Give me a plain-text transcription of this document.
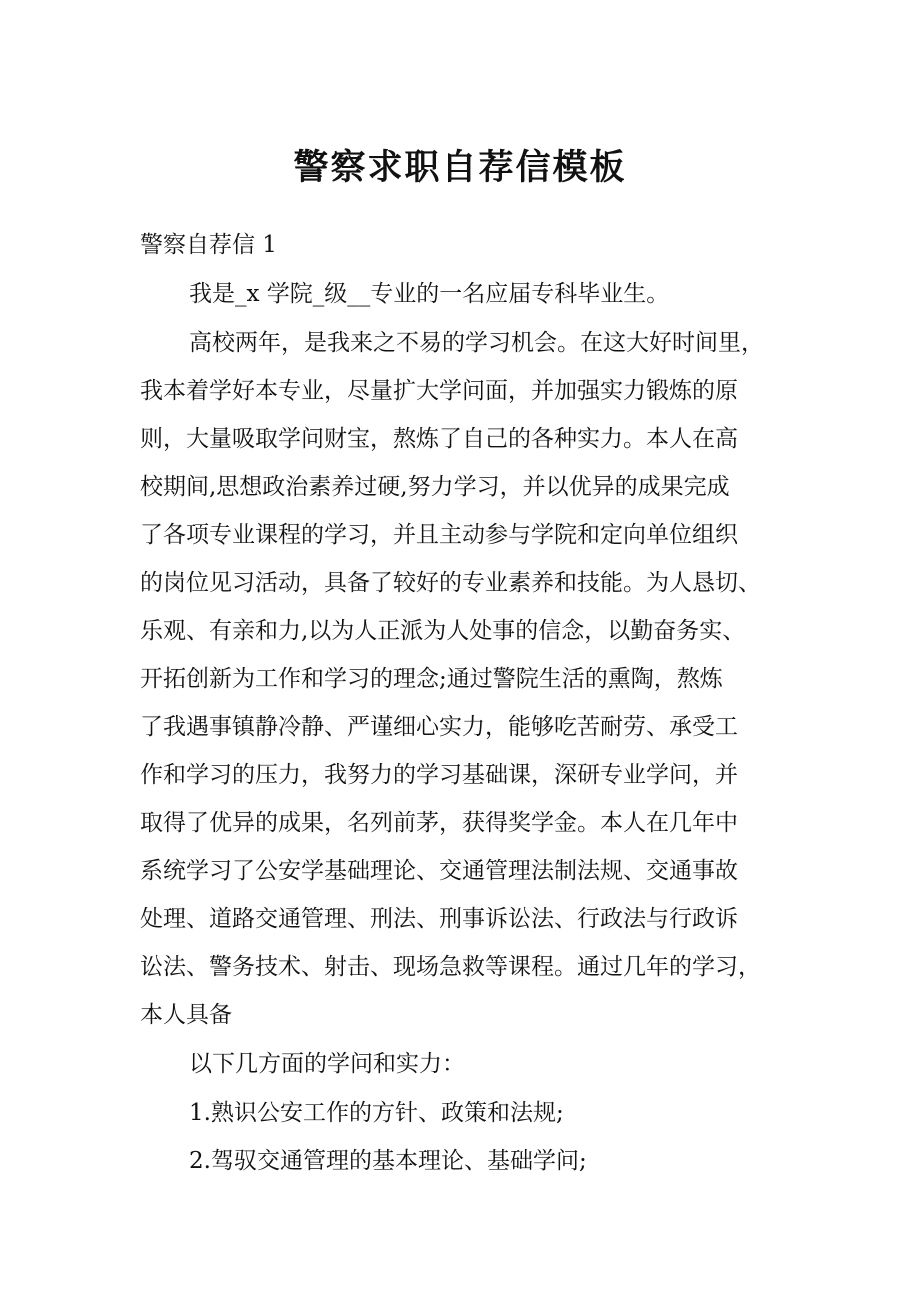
警察求职自荐信模板
警察自荐信 1
我是_x 学院_级__专业的一名应届专科毕业生。
高校两年，是我来之不易的学习机会。在这大好时间里，
我本着学好本专业，尽量扩大学问面，并加强实力锻炼的原
则，大量吸取学问财宝，熬炼了自己的各种实力。本人在高
校期间,思想政治素养过硬,努力学习，并以优异的成果完成
了各项专业课程的学习，并且主动参与学院和定向单位组织
的岗位见习活动，具备了较好的专业素养和技能。为人恳切、
乐观、有亲和力,以为人正派为人处事的信念，以勤奋务实、
开拓创新为工作和学习的理念;通过警院生活的熏陶，熬炼
了我遇事镇静冷静、严谨细心实力，能够吃苦耐劳、承受工
作和学习的压力，我努力的学习基础课，深研专业学问，并
取得了优异的成果，名列前茅，获得奖学金。本人在几年中
系统学习了公安学基础理论、交通管理法制法规、交通事故
处理、道路交通管理、刑法、刑事诉讼法、行政法与行政诉
讼法、警务技术、射击、现场急救等课程。通过几年的学习，
本人具备
以下几方面的学问和实力：
1.熟识公安工作的方针、政策和法规;
2.驾驭交通管理的基本理论、基础学问;
